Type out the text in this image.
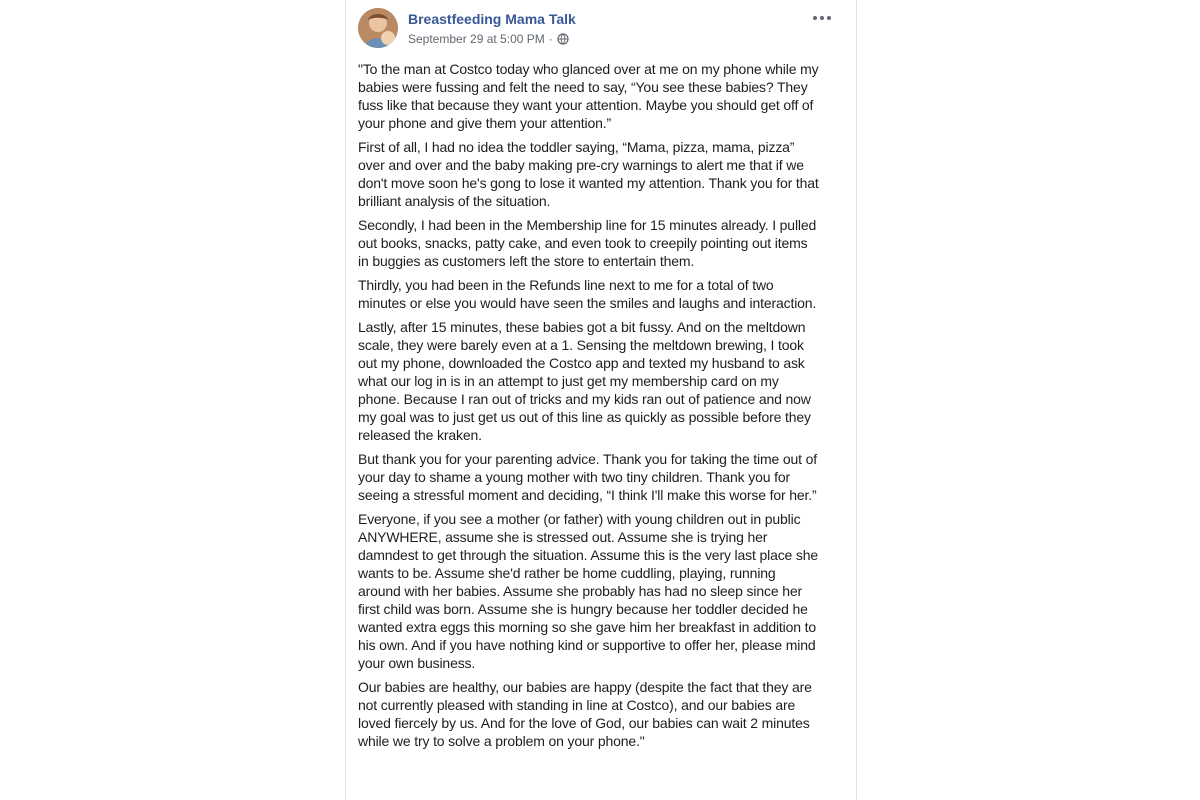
Breastfeeding Mama Talk
September 29 at 5:00 PM ·

"To the man at Costco today who glanced over at me on my phone while my babies were fussing and felt the need to say, “You see these babies? They fuss like that because they want your attention. Maybe you should get off of your phone and give them your attention.”

First of all, I had no idea the toddler saying, “Mama, pizza, mama, pizza” over and over and the baby making pre-cry warnings to alert me that if we don't move soon he's gong to lose it wanted my attention. Thank you for that brilliant analysis of the situation.

Secondly, I had been in the Membership line for 15 minutes already. I pulled out books, snacks, patty cake, and even took to creepily pointing out items in buggies as customers left the store to entertain them.

Thirdly, you had been in the Refunds line next to me for a total of two minutes or else you would have seen the smiles and laughs and interaction.

Lastly, after 15 minutes, these babies got a bit fussy. And on the meltdown scale, they were barely even at a 1. Sensing the meltdown brewing, I took out my phone, downloaded the Costco app and texted my husband to ask what our log in is in an attempt to just get my membership card on my phone. Because I ran out of tricks and my kids ran out of patience and now my goal was to just get us out of this line as quickly as possible before they released the kraken.

But thank you for your parenting advice. Thank you for taking the time out of your day to shame a young mother with two tiny children. Thank you for seeing a stressful moment and deciding, “I think I'll make this worse for her.”

Everyone, if you see a mother (or father) with young children out in public ANYWHERE, assume she is stressed out. Assume she is trying her damndest to get through the situation. Assume this is the very last place she wants to be. Assume she'd rather be home cuddling, playing, running around with her babies. Assume she probably has had no sleep since her first child was born. Assume she is hungry because her toddler decided he wanted extra eggs this morning so she gave him her breakfast in addition to his own. And if you have nothing kind or supportive to offer her, please mind your own business.

Our babies are healthy, our babies are happy (despite the fact that they are not currently pleased with standing in line at Costco), and our babies are loved fiercely by us. And for the love of God, our babies can wait 2 minutes while we try to solve a problem on your phone."
